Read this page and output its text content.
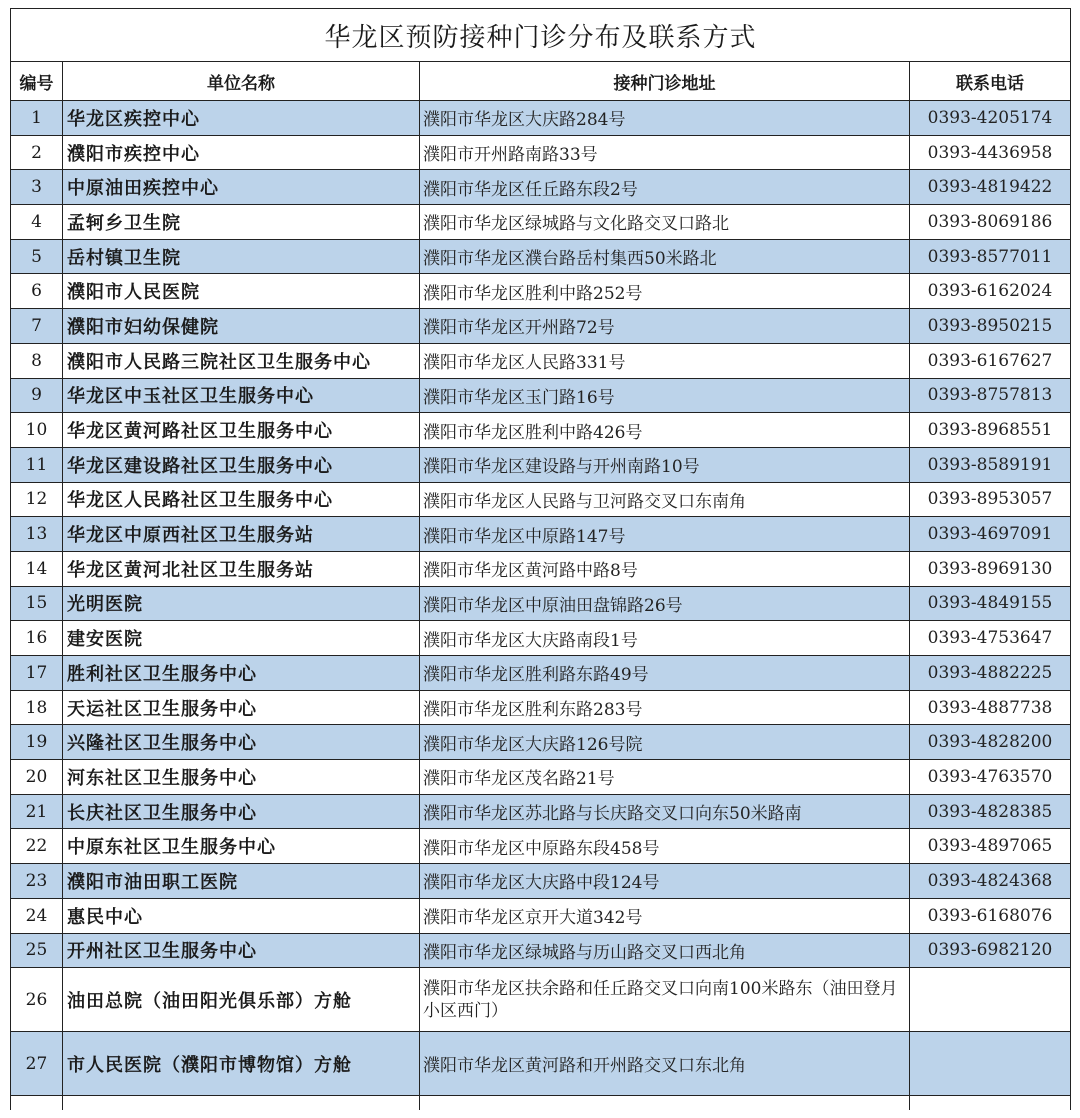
华龙区预防接种门诊分布及联系方式			
编号	单位名称	接种门诊地址	联系电话
1	华龙区疾控中心	濮阳市华龙区大庆路284号	0393-4205174
2	濮阳市疾控中心	濮阳市开州路南路33号	0393-4436958
3	中原油田疾控中心	濮阳市华龙区任丘路东段2号	0393-4819422
4	孟轲乡卫生院	濮阳市华龙区绿城路与文化路交叉口路北	0393-8069186
5	岳村镇卫生院	濮阳市华龙区濮台路岳村集西50米路北	0393-8577011
6	濮阳市人民医院	濮阳市华龙区胜利中路252号	0393-6162024
7	濮阳市妇幼保健院	濮阳市华龙区开州路72号	0393-8950215
8	濮阳市人民路三院社区卫生服务中心	濮阳市华龙区人民路331号	0393-6167627
9	华龙区中玉社区卫生服务中心	濮阳市华龙区玉门路16号	0393-8757813
10	华龙区黄河路社区卫生服务中心	濮阳市华龙区胜利中路426号	0393-8968551
11	华龙区建设路社区卫生服务中心	濮阳市华龙区建设路与开州南路10号	0393-8589191
12	华龙区人民路社区卫生服务中心	濮阳市华龙区人民路与卫河路交叉口东南角	0393-8953057
13	华龙区中原西社区卫生服务站	濮阳市华龙区中原路147号	0393-4697091
14	华龙区黄河北社区卫生服务站	濮阳市华龙区黄河路中路8号	0393-8969130
15	光明医院	濮阳市华龙区中原油田盘锦路26号	0393-4849155
16	建安医院	濮阳市华龙区大庆路南段1号	0393-4753647
17	胜利社区卫生服务中心	濮阳市华龙区胜利路东路49号	0393-4882225
18	天运社区卫生服务中心	濮阳市华龙区胜利东路283号	0393-4887738
19	兴隆社区卫生服务中心	濮阳市华龙区大庆路126号院	0393-4828200
20	河东社区卫生服务中心	濮阳市华龙区茂名路21号	0393-4763570
21	长庆社区卫生服务中心	濮阳市华龙区苏北路与长庆路交叉口向东50米路南	0393-4828385
22	中原东社区卫生服务中心	濮阳市华龙区中原路东段458号	0393-4897065
23	濮阳市油田职工医院	濮阳市华龙区大庆路中段124号	0393-4824368
24	惠民中心	濮阳市华龙区京开大道342号	0393-6168076
25	开州社区卫生服务中心	濮阳市华龙区绿城路与历山路交叉口西北角	0393-6982120
26	油田总院（油田阳光俱乐部）方舱	濮阳市华龙区扶余路和任丘路交叉口向南100米路东（油田登月小区西门）	
27	市人民医院（濮阳市博物馆）方舱	濮阳市华龙区黄河路和开州路交叉口东北角	
